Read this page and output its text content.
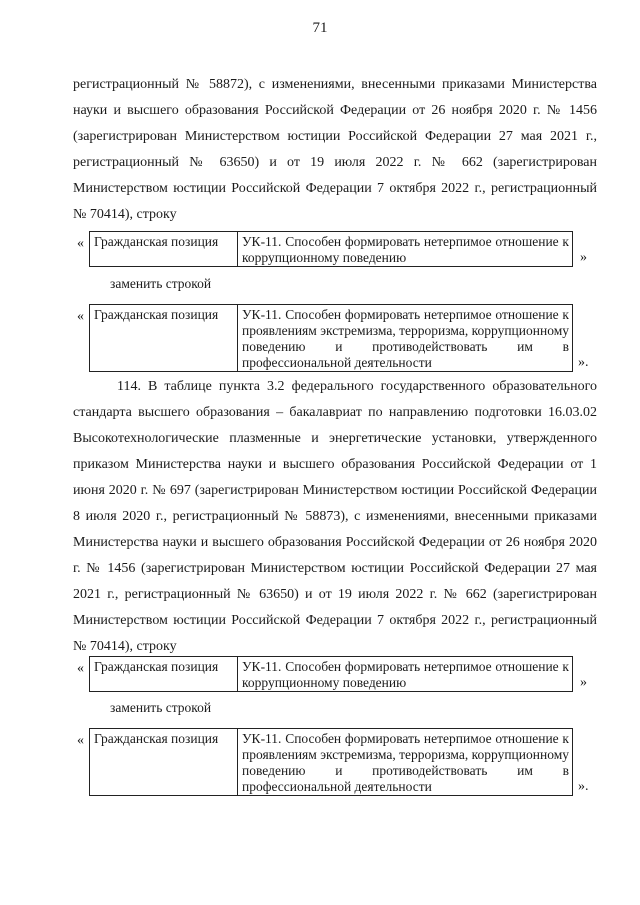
71
регистрационный № 58872), с изменениями, внесенными приказами Министерства науки и высшего образования Российской Федерации от 26 ноября 2020 г. № 1456 (зарегистрирован Министерством юстиции Российской Федерации 27 мая 2021 г., регистрационный № 63650) и от 19 июля 2022 г. № 662 (зарегистрирован Министерством юстиции Российской Федерации 7 октября 2022 г., регистрационный № 70414), строку
« Гражданская позиция	УК-11. Способен формировать нетерпимое отношение к коррупционному поведению	»
заменить строкой
« Гражданская позиция	УК-11. Способен формировать нетерпимое отношение к проявлениям экстремизма, терроризма, коррупционному поведению и противодействовать им в профессиональной деятельности	».
114. В таблице пункта 3.2 федерального государственного образовательного стандарта высшего образования – бакалавриат по направлению подготовки 16.03.02 Высокотехнологические плазменные и энергетические установки, утвержденного приказом Министерства науки и высшего образования Российской Федерации от 1 июня 2020 г. № 697 (зарегистрирован Министерством юстиции Российской Федерации 8 июля 2020 г., регистрационный № 58873), с изменениями, внесенными приказами Министерства науки и высшего образования Российской Федерации от 26 ноября 2020 г. № 1456 (зарегистрирован Министерством юстиции Российской Федерации 27 мая 2021 г., регистрационный № 63650) и от 19 июля 2022 г. № 662 (зарегистрирован Министерством юстиции Российской Федерации 7 октября 2022 г., регистрационный № 70414), строку
« Гражданская позиция	УК-11. Способен формировать нетерпимое отношение к коррупционному поведению	»
заменить строкой
« Гражданская позиция	УК-11. Способен формировать нетерпимое отношение к проявлениям экстремизма, терроризма, коррупционному поведению и противодействовать им в профессиональной деятельности	».
